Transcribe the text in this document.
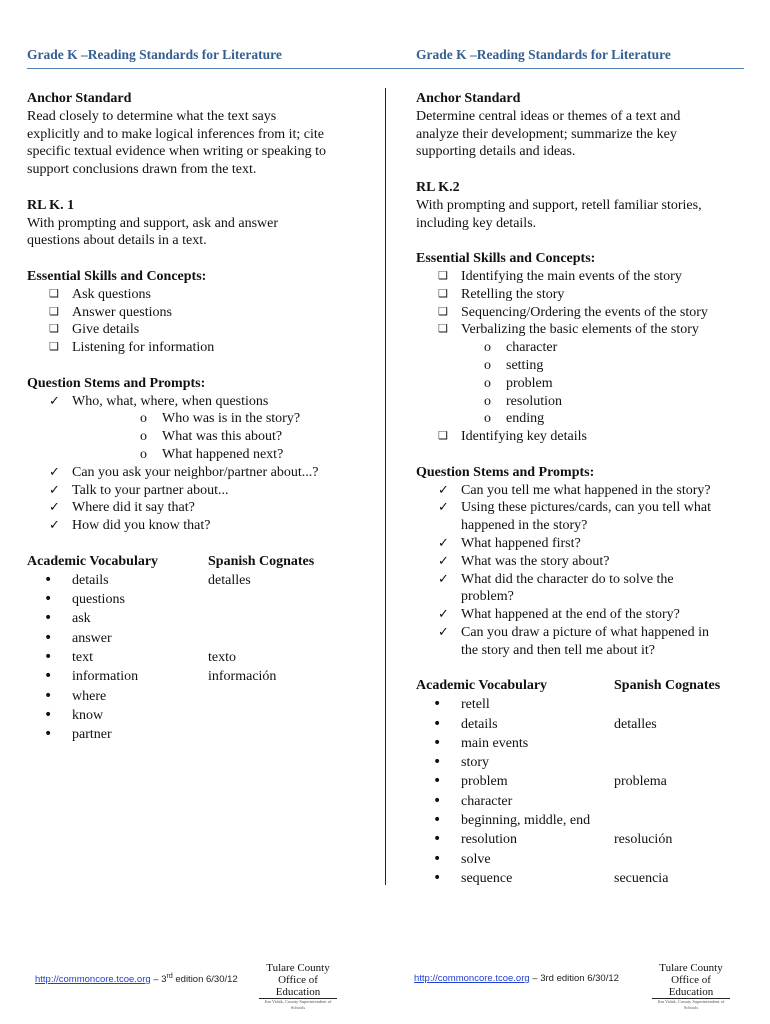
Grade K –Reading Standards for Literature	Grade K –Reading Standards for Literature

Anchor Standard

Read closely to determine what the text says

explicitly and to make logical inferences from it; cite

specific textual evidence when writing or speaking to

support conclusions drawn from the text.

RL K. 1

With prompting and support, ask and answer

questions about details in a text.

Essential Skills and Concepts:

❑ Ask questions
❑ Answer questions
❑ Give details
❑ Listening for information

Question Stems and Prompts:

✓ Who, what, where, when questions
o Who was is in the story?
o What was this about?
o What happened next?
✓ Can you ask your neighbor/partner about...?
✓ Talk to your partner about...
✓ Where did it say that?
✓ How did you know that?
Academic Vocabulary	Spanish Cognates
• details	detalles
• questions
• ask
• answer
• text	texto
• information	información
• where
• know
• partner

Anchor Standard

Determine central ideas or themes of a text and

analyze their development; summarize the key

supporting details and ideas.

RL K.2

With prompting and support, retell familiar stories,

including key details.

Essential Skills and Concepts:

❑ Identifying the main events of the story
❑ Retelling the story
❑ Sequencing/Ordering the events of the story
❑ Verbalizing the basic elements of the story
o character
o setting
o problem
o resolution
o ending
❑ Identifying key details

Question Stems and Prompts:

✓ Can you tell me what happened in the story?
✓ Using these pictures/cards, can you tell what
happened in the story?
✓ What happened first?
✓ What was the story about?
✓ What did the character do to solve the
problem?
✓ What happened at the end of the story?
✓ Can you draw a picture of what happened in
the story and then tell me about it?
Academic Vocabulary	Spanish Cognates
• retell
• details	detalles
• main events
• story
• problem	problema
• character
• beginning, middle, end
• resolution	resolución
• solve
• sequence	secuencia
http://commoncore.tcoe.org – 3rd edition 6/30/12	http://commoncore.tcoe.org – 3rd edition 6/30/12
Tulare County
Office of Education
Jim Vidak, County Superintendent of Schools
Tulare County
Office of Education
Jim Vidak, County Superintendent of Schools
